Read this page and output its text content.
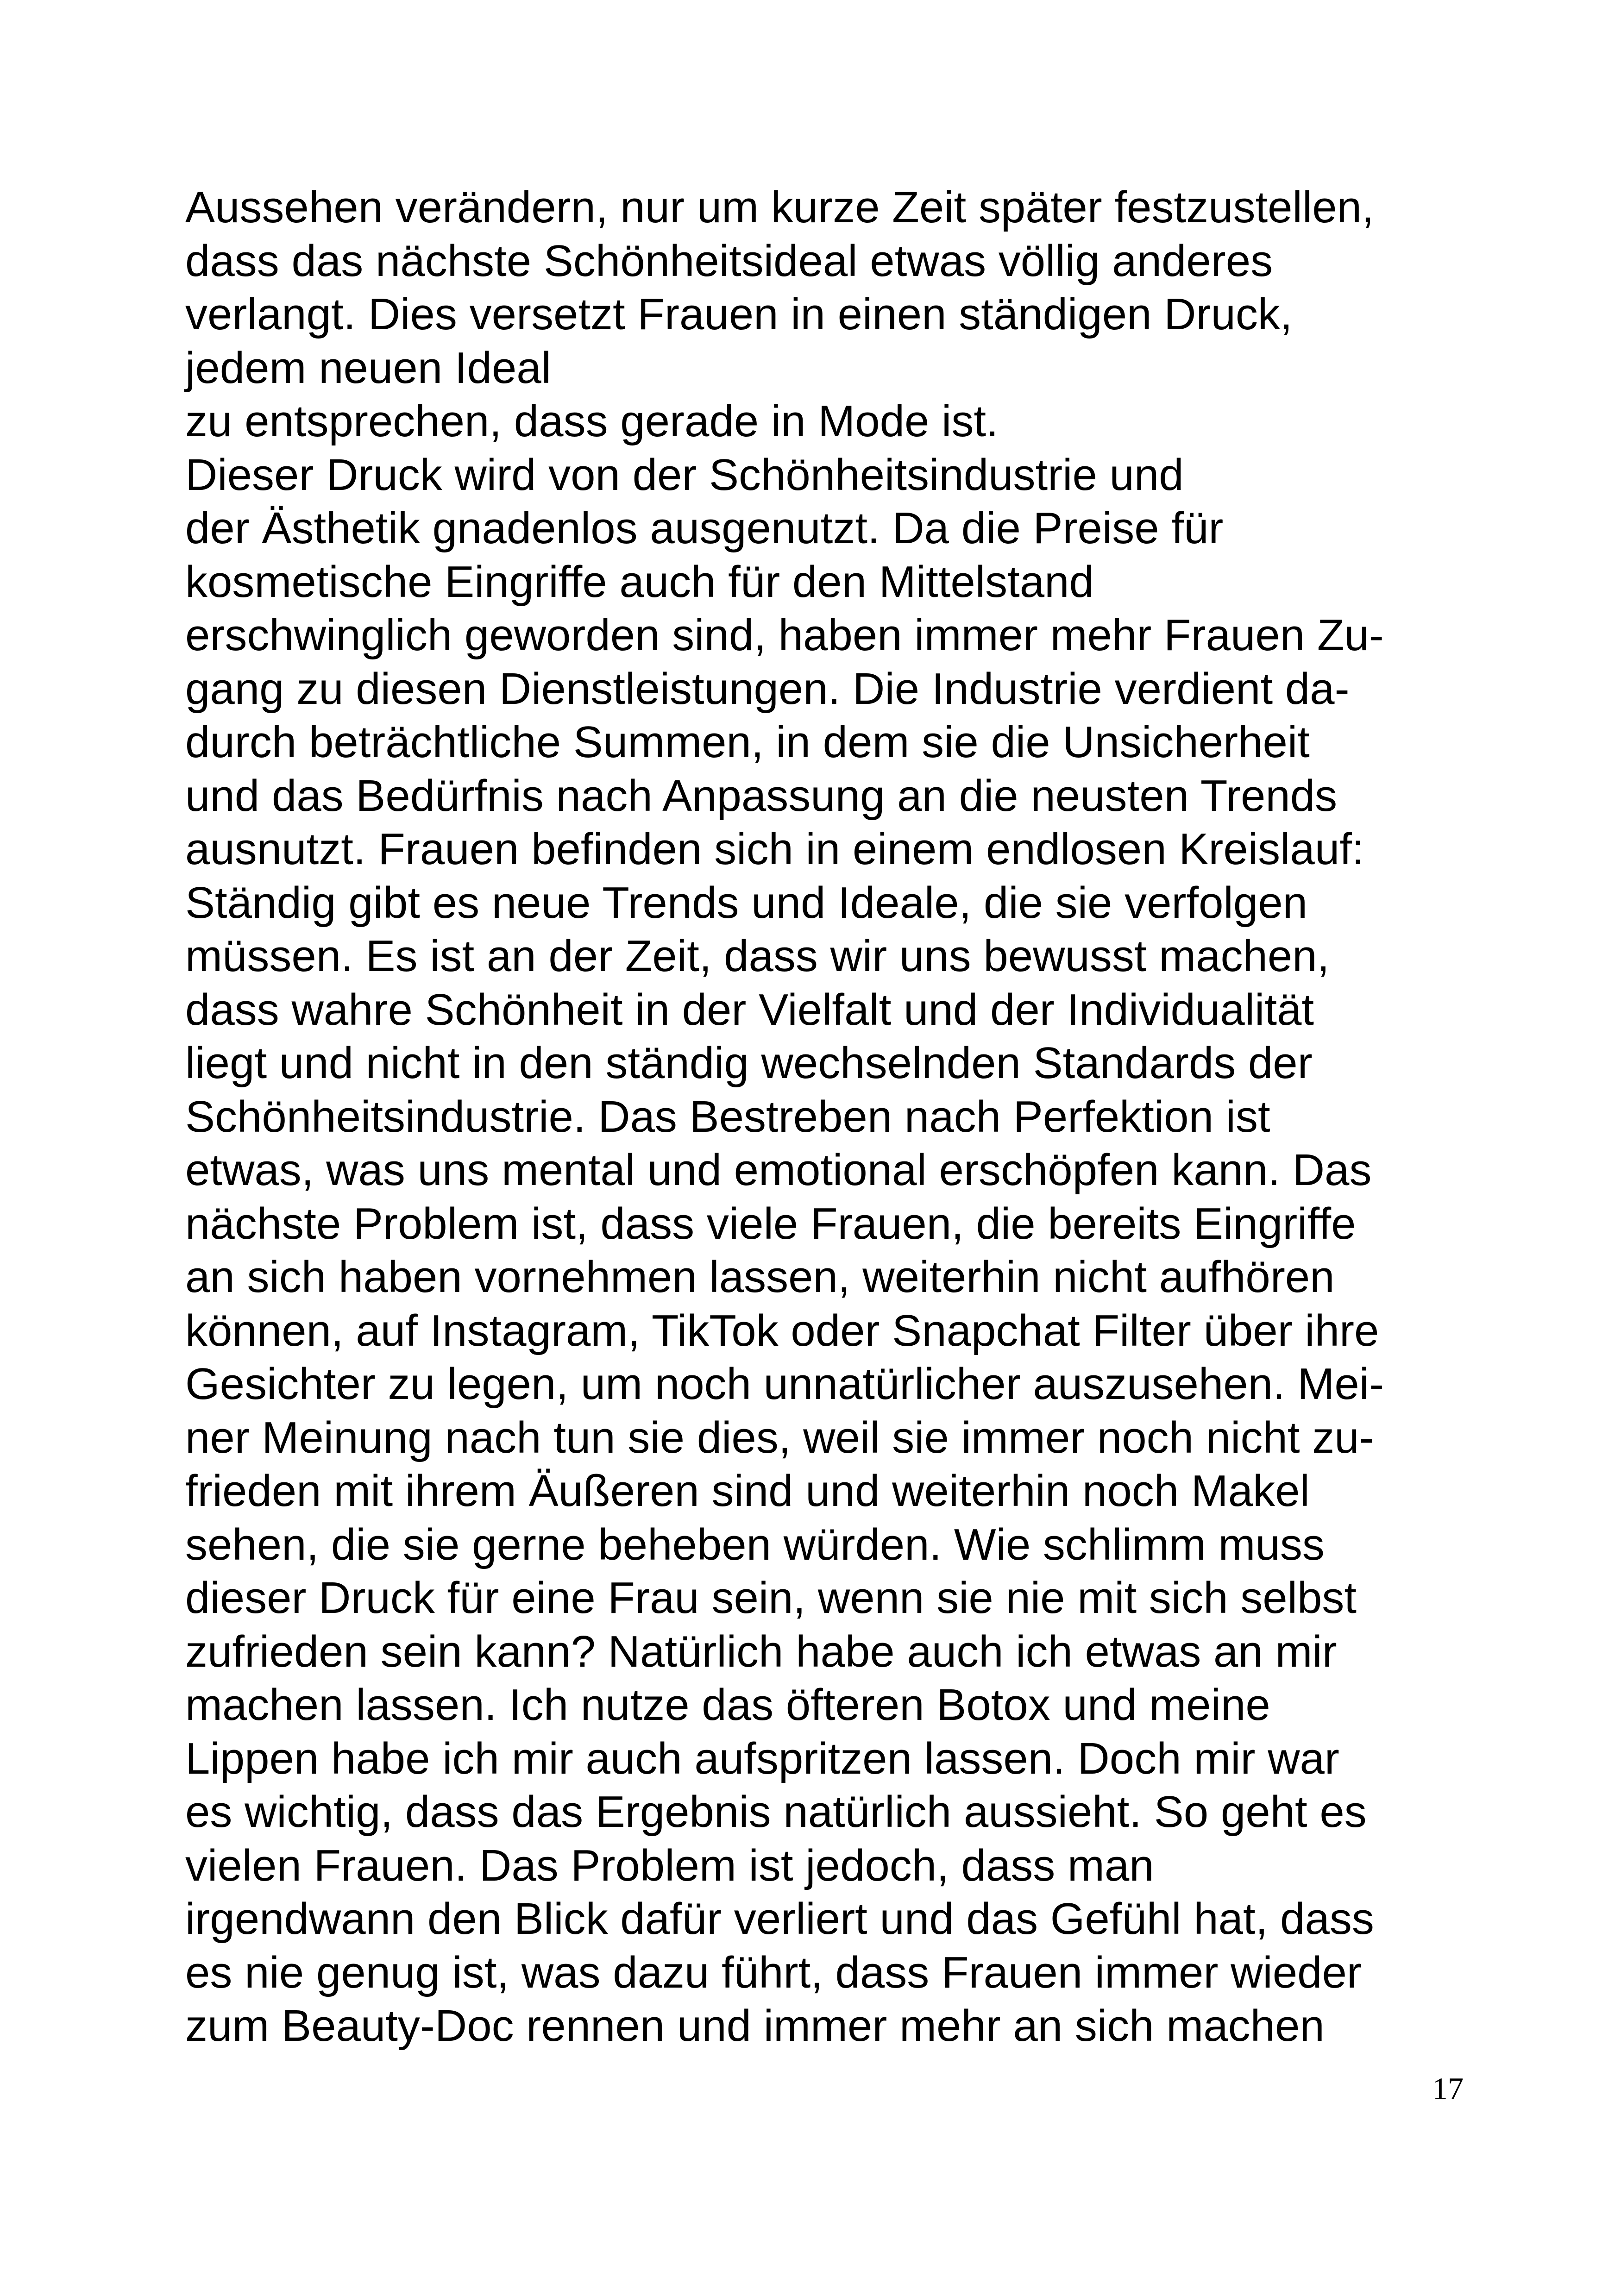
Aussehen verändern, nur um kurze Zeit später festzustellen,
dass das nächste Schönheitsideal etwas völlig anderes
verlangt. Dies versetzt Frauen in einen ständigen Druck,
jedem neuen Ideal
zu entsprechen, dass gerade in Mode ist.
Dieser Druck wird von der Schönheitsindustrie und
der Ästhetik gnadenlos ausgenutzt. Da die Preise für
kosmetische Eingriffe auch für den Mittelstand
erschwinglich geworden sind, haben immer mehr Frauen Zu-
gang zu diesen Dienstleistungen. Die Industrie verdient da-
durch beträchtliche Summen, in dem sie die Unsicherheit
und das Bedürfnis nach Anpassung an die neusten Trends
ausnutzt. Frauen befinden sich in einem endlosen Kreislauf:
Ständig gibt es neue Trends und Ideale, die sie verfolgen
müssen. Es ist an der Zeit, dass wir uns bewusst machen,
dass wahre Schönheit in der Vielfalt und der Individualität
liegt und nicht in den ständig wechselnden Standards der
Schönheitsindustrie. Das Bestreben nach Perfektion ist
etwas, was uns mental und emotional erschöpfen kann. Das
nächste Problem ist, dass viele Frauen, die bereits Eingriffe
an sich haben vornehmen lassen, weiterhin nicht aufhören
können, auf Instagram, TikTok oder Snapchat Filter über ihre
Gesichter zu legen, um noch unnatürlicher auszusehen. Mei-
ner Meinung nach tun sie dies, weil sie immer noch nicht zu-
frieden mit ihrem Äußeren sind und weiterhin noch Makel
sehen, die sie gerne beheben würden. Wie schlimm muss
dieser Druck für eine Frau sein, wenn sie nie mit sich selbst
zufrieden sein kann? Natürlich habe auch ich etwas an mir
machen lassen. Ich nutze das öfteren Botox und meine
Lippen habe ich mir auch aufspritzen lassen. Doch mir war
es wichtig, dass das Ergebnis natürlich aussieht. So geht es
vielen Frauen. Das Problem ist jedoch, dass man
irgendwann den Blick dafür verliert und das Gefühl hat, dass
es nie genug ist, was dazu führt, dass Frauen immer wieder
zum Beauty-Doc rennen und immer mehr an sich machen

17
